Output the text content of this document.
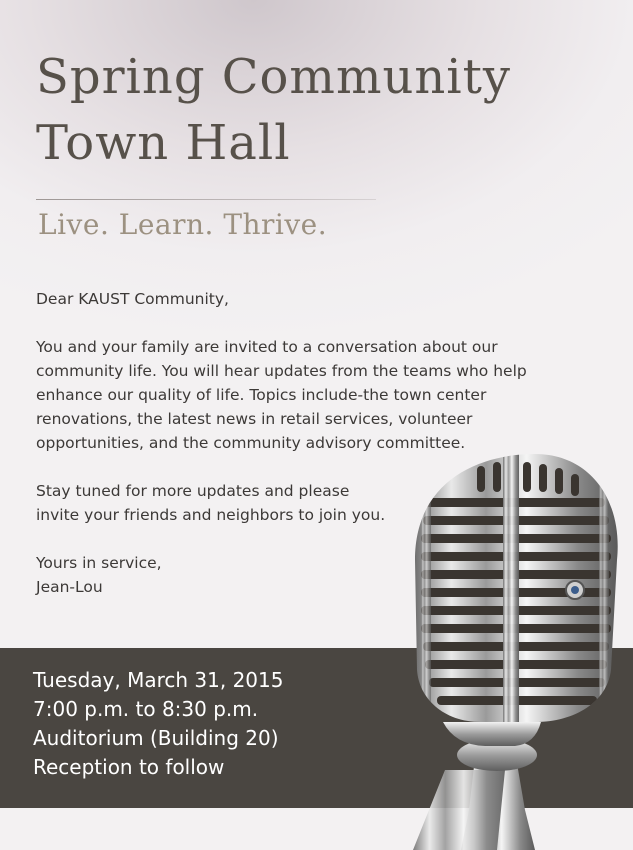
Spring Community
Town Hall

Live. Learn. Thrive.

Dear KAUST Community,

You and your family are invited to a conversation about our community life. You will hear updates from the teams who help enhance our quality of life. Topics include-the town center renovations, the latest news in retail services, volunteer opportunities, and the community advisory committee.

Stay tuned for more updates and please
invite your friends and neighbors to join you.

Yours in service,
Jean-Lou

Tuesday, March 31, 2015
7:00 p.m. to 8:30 p.m.
Auditorium (Building 20)
Reception to follow
